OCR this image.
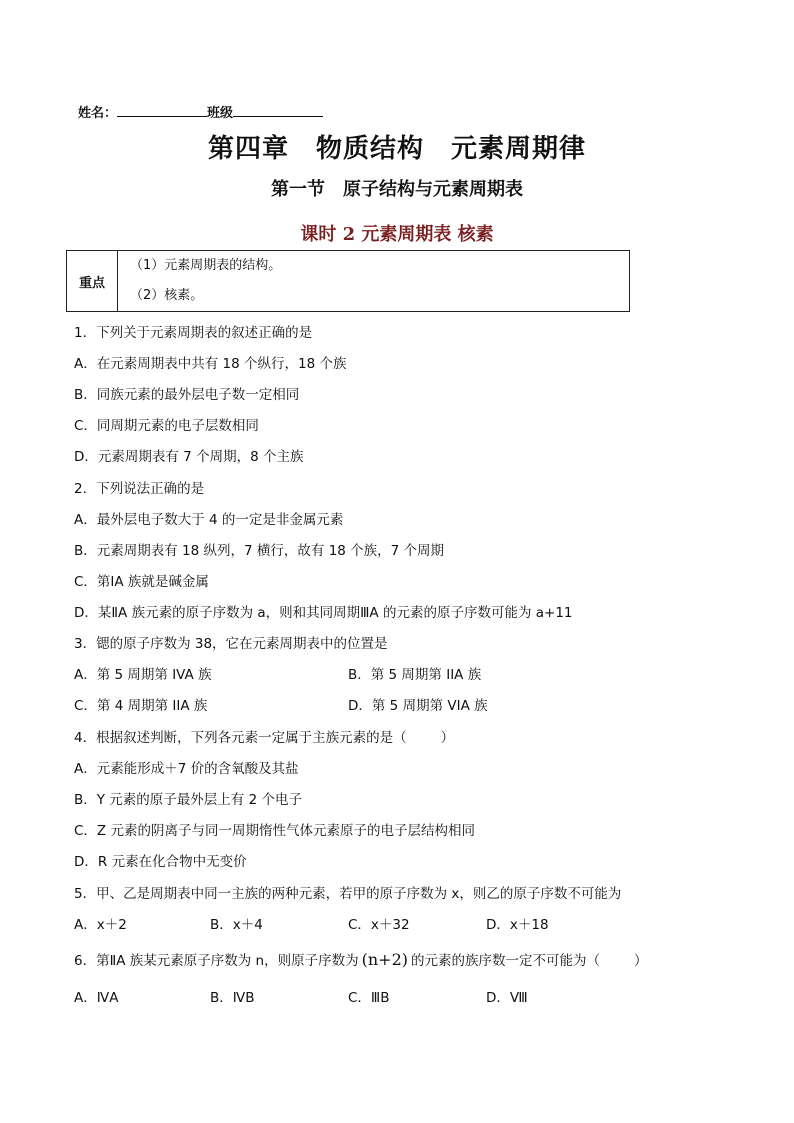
姓名：	班级
第四章　物质结构　元素周期律
第一节　原子结构与元素周期表
课时 2 元素周期表 核素
重点	
（1）元素周期表的结构。
（2）核素。
1．下列关于元素周期表的叙述正确的是
A．在元素周期表中共有 18 个纵行，18 个族
B．同族元素的最外层电子数一定相同
C．同周期元素的电子层数相同
D．元素周期表有 7 个周期，8 个主族
2．下列说法正确的是
A．最外层电子数大于 4 的一定是非金属元素
B．元素周期表有 18 纵列，7 横行，故有 18 个族，7 个周期
C．第ⅠA 族就是碱金属
D．某ⅡA 族元素的原子序数为 a，则和其同周期ⅢA 的元素的原子序数可能为 a+11
3．锶的原子序数为 38，它在元素周期表中的位置是
A．第 5 周期第 IVA 族	B．第 5 周期第 IIA 族
C．第 4 周期第 IIA 族	D．第 5 周期第 VIA 族
4．根据叙述判断，下列各元素一定属于主族元素的是（	）
A．元素能形成＋7 价的含氧酸及其盐
B．Y 元素的原子最外层上有 2 个电子
C．Z 元素的阴离子与同一周期惰性气体元素原子的电子层结构相同
D．R 元素在化合物中无变价
5．甲、乙是周期表中同一主族的两种元素，若甲的原子序数为 x，则乙的原子序数不可能为
A．x＋2	B．x＋4	C．x＋32	D．x＋18
6．第ⅡA 族某元素原子序数为 n，则原子序数为 (n+2) 的元素的族序数一定不可能为（	）
A．ⅣA	B．ⅣB	C．ⅢB	D．Ⅷ
